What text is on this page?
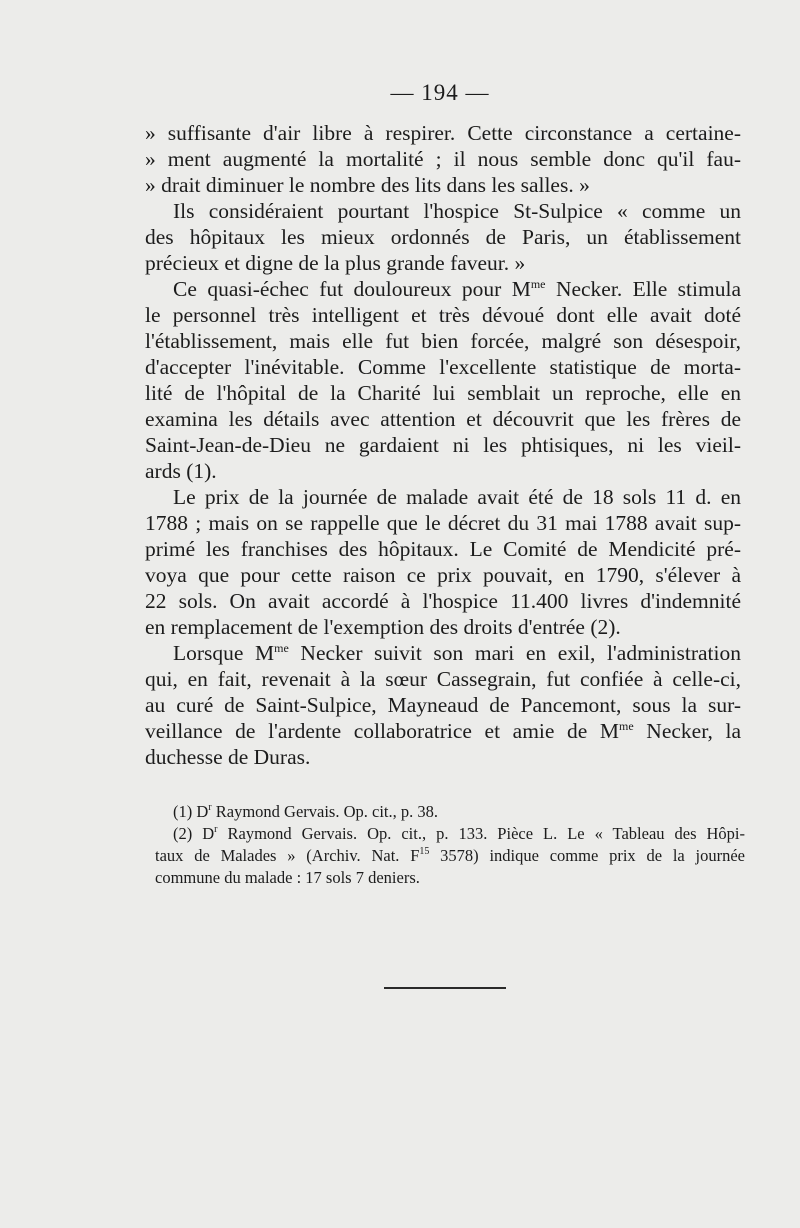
— 194 —
» suffisante d'air libre à respirer. Cette circonstance a certaine-
» ment augmenté la mortalité ; il nous semble donc qu'il fau-
» drait diminuer le nombre des lits dans les salles. »
Ils considéraient pourtant l'hospice St-Sulpice « comme un
des hôpitaux les mieux ordonnés de Paris, un établissement
précieux et digne de la plus grande faveur. »
Ce quasi-échec fut douloureux pour $M^{me}$ Necker. Elle stimula
le personnel très intelligent et très dévoué dont elle avait doté
l'établissement, mais elle fut bien forcée, malgré son désespoir,
d'accepter l'inévitable. Comme l'excellente statistique de morta-
lité de l'hôpital de la Charité lui semblait un reproche, elle en
examina les détails avec attention et découvrit que les frères de
Saint-Jean-de-Dieu ne gardaient ni les phtisiques, ni les vieil-
ards (1).
Le prix de la journée de malade avait été de 18 sols 11 d. en
1788 ; mais on se rappelle que le décret du 31 mai 1788 avait sup-
primé les franchises des hôpitaux. Le Comité de Mendicité pré-
voya que pour cette raison ce prix pouvait, en 1790, s'élever à
22 sols. On avait accordé à l'hospice 11.400 livres d'indemnité
en remplacement de l'exemption des droits d'entrée (2).
Lorsque $M^{me}$ Necker suivit son mari en exil, l'administration
qui, en fait, revenait à la sœur Cassegrain, fut confiée à celle-ci,
au curé de Saint-Sulpice, Mayneaud de Pancemont, sous la sur-
veillance de l'ardente collaboratrice et amie de $M^{me}$ Necker, la
duchesse de Duras.
(1) $D^r$ Raymond Gervais. Op. cit., p. 38.
(2) $D^r$ Raymond Gervais. Op. cit., p. 133. Pièce L. Le « Tableau des Hôpi-
taux de Malades » (Archiv. Nat. $F^{15}$ 3578) indique comme prix de la journée
commune du malade : 17 sols 7 deniers.
